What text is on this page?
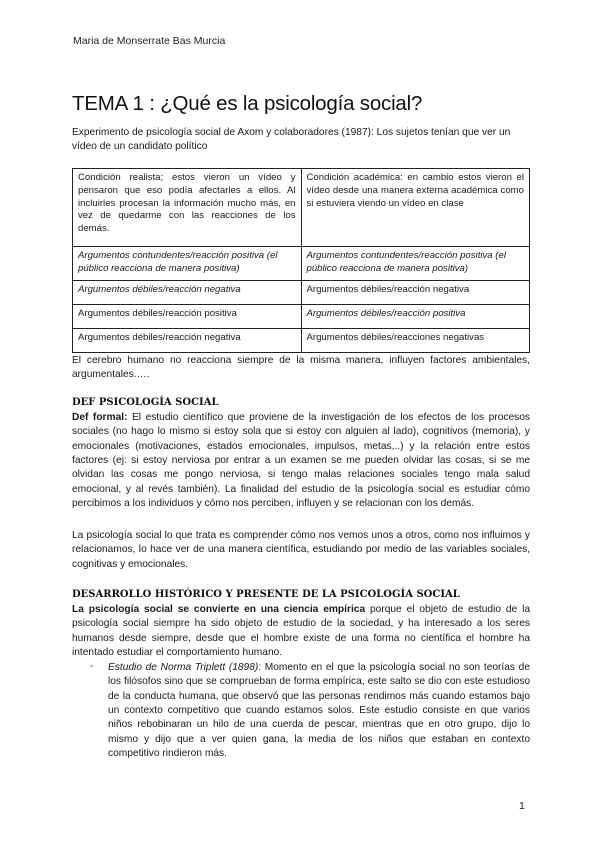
Maria de Monserrate Bas Murcia
TEMA 1 : ¿Qué es la psicología social?

Experimento de psicología social de Axom y colaboradores (1987): Los sujetos tenían que ver un vídeo de un candidato político

Condición realista; estos vieron un vídeo y pensaron que eso podía afectarles a ellos. Al incluirles procesan la información mucho más, en vez de quedarme con las reacciones de los demás.	Condición académica: en cambio estos vieron el vídeo desde una manera externa académica como si estuviera viendo un vídeo en clase
Argumentos contundentes/reacción positiva (el público reacciona de manera positiva)	Argumentos contundentes/reacción positiva (el público reacciona de manera positiva)
Argumentos débiles/reacción negativa	Argumentos débiles/reacción negativa
Argumentos débiles/reacción positiva	Argumentos débiles/reacción positiva
Argumentos débiles/reacción negativa	Argumentos débiles/reacciones negativas

El cerebro humano no reacciona siempre de la misma manera, influyen factores ambientales, argumentales.….

DEF PSICOLOGÍA SOCIAL

Def formal: El estudio científico que proviene de la investigación de los efectos de los procesos sociales (no hago lo mismo si estoy sola que si estoy con alguien al lado), cognitivos (memoria), y emocionales (motivaciones, estados emocionales, impulsos, metas,..) y la relación entre estos factores (ej: si estoy nerviosa por entrar a un examen se me pueden olvidar las cosas, si se me olvidan las cosas me pongo nerviosa, si tengo malas relaciones sociales tengo mala salud emocional, y al revés también). La finalidad del estudio de la psicología social es estudiar cómo percibimos a los individuos y cómo nos perciben, influyen y se relacionan con los demás.

La psicología social lo que trata es comprender cómo nos vemos unos a otros, como nos influimos y relacionamos, lo hace ver de una manera científica, estudiando por medio de las variables sociales, cognitivas y emocionales.

DESARROLLO HISTÓRICO Y PRESENTE DE LA PSICOLOGÍA SOCIAL

La psicología social se convierte en una ciencia empírica porque el objeto de estudio de la psicología social siempre ha sido objeto de estudio de la sociedad, y ha interesado a los seres humanos desde siempre, desde que el hombre existe de una forma no científica el hombre ha intentado estudiar el comportamiento humano.

- Estudio de Norma Triplett (1898): Momento en el que la psicología social no son teorías de los filósofos sino que se comprueban de forma empírica, este salto se dio con este estudioso de la conducta humana, que observó que las personas rendimos más cuando estamos bajo un contexto competitivo que cuando estamos solos. Este estudio consiste en que varios niños rebobinaran un hilo de una cuerda de pescar, mientras que en otro grupo, dijo lo mismo y dijo que a ver quien gana, la media de los niños que estaban en contexto competitivo rindieron más.

1
